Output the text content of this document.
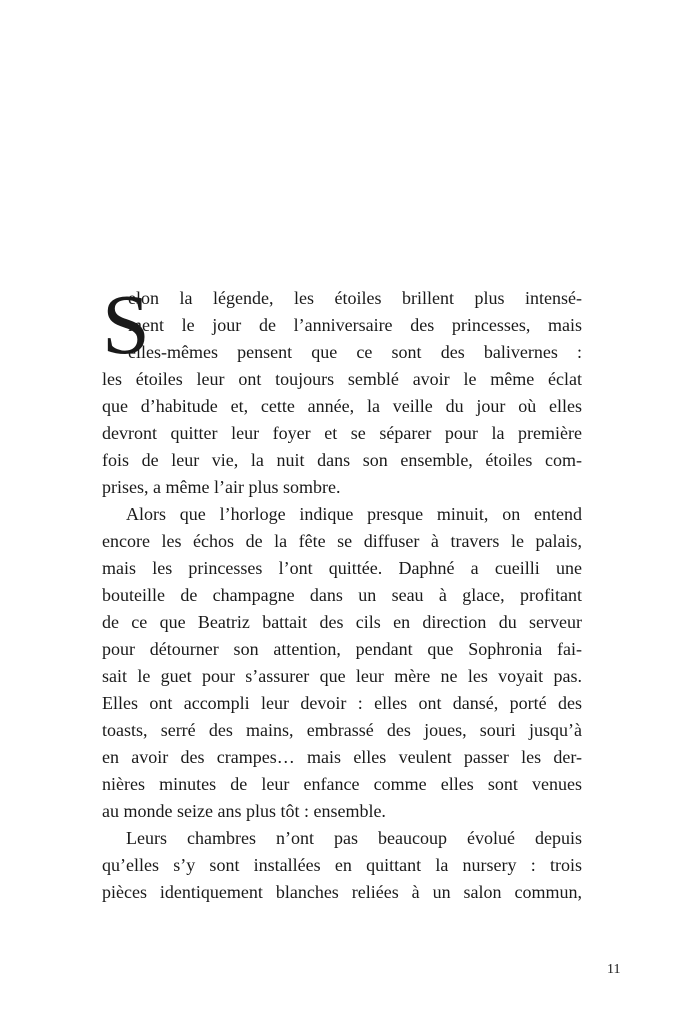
S
elon la légende, les étoiles brillent plus intensé-
ment le jour de l’anniversaire des princesses, mais
elles-mêmes pensent que ce sont des balivernes :
les étoiles leur ont toujours semblé avoir le même éclat
que d’habitude et, cette année, la veille du jour où elles
devront quitter leur foyer et se séparer pour la première
fois de leur vie, la nuit dans son ensemble, étoiles com-
prises, a même l’air plus sombre.
Alors que l’horloge indique presque minuit, on entend
encore les échos de la fête se diffuser à travers le palais,
mais les princesses l’ont quittée. Daphné a cueilli une
bouteille de champagne dans un seau à glace, profitant
de ce que Beatriz battait des cils en direction du serveur
pour détourner son attention, pendant que Sophronia fai-
sait le guet pour s’assurer que leur mère ne les voyait pas.
Elles ont accompli leur devoir : elles ont dansé, porté des
toasts, serré des mains, embrassé des joues, souri jusqu’à
en avoir des crampes… mais elles veulent passer les der-
nières minutes de leur enfance comme elles sont venues
au monde seize ans plus tôt : ensemble.
Leurs chambres n’ont pas beaucoup évolué depuis
qu’elles s’y sont installées en quittant la nursery : trois
pièces identiquement blanches reliées à un salon commun,
11
